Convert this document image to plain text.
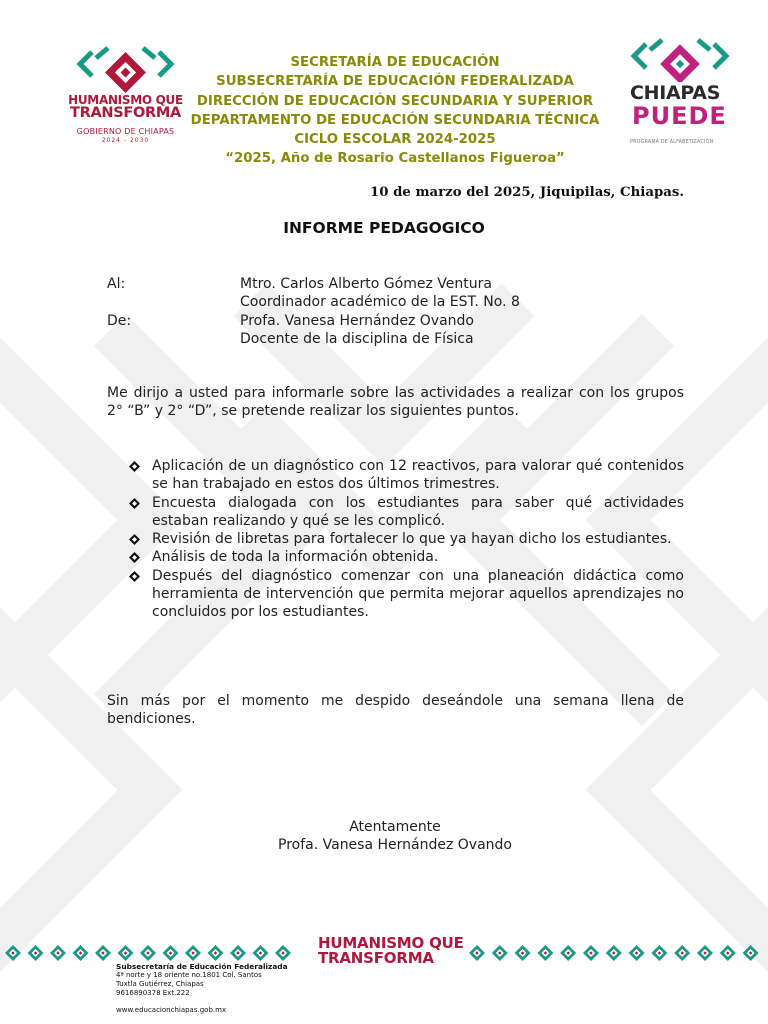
HUMANISMO QUE
TRANSFORMA
GOBIERNO DE CHIAPAS
2024 - 2030
SECRETARÍA DE EDUCACIÓN
SUBSECRETARÍA DE EDUCACIÓN FEDERALIZADA
DIRECCIÓN DE EDUCACIÓN SECUNDARIA Y SUPERIOR
DEPARTAMENTO DE EDUCACIÓN SECUNDARIA TÉCNICA
CICLO ESCOLAR 2024-2025
“2025, Año de Rosario Castellanos Figueroa”
CHIAPAS
PUEDE
PROGRAMA DE ALFABETIZACIÓN
10 de marzo del 2025, Jiquipilas, Chiapas.
INFORME PEDAGOGICO
Al:	Mtro. Carlos Alberto Gómez Ventura
Coordinador académico de la EST. No. 8
De:	Profa. Vanesa Hernández Ovando
Docente de la disciplina de Física
Me dirijo a usted para informarle sobre las actividades a realizar con los grupos 2° “B” y 2° “D”, se pretende realizar los siguientes puntos.
Aplicación de un diagnóstico con 12 reactivos, para valorar qué contenidos se han trabajado en estos dos últimos trimestres.
Encuesta dialogada con los estudiantes para saber qué actividades estaban realizando y qué se les complicó.
Revisión de libretas para fortalecer lo que ya hayan dicho los estudiantes.
Análisis de toda la información obtenida.
Después del diagnóstico comenzar con una planeación didáctica como herramienta de intervención que permita mejorar aquellos aprendizajes no concluidos por los estudiantes.
Sin más por el momento me despido deseándole una semana llena de bendiciones.
Atentamente
Profa. Vanesa Hernández Ovando
HUMANISMO QUE
TRANSFORMA
Subsecretaría de Educación Federalizada
4ª norte y 18 oriente no.1801 Col. Santos
Tuxtla Gutiérrez, Chiapas
9616890378 Ext.222
www.educacionchiapas.gob.mx
